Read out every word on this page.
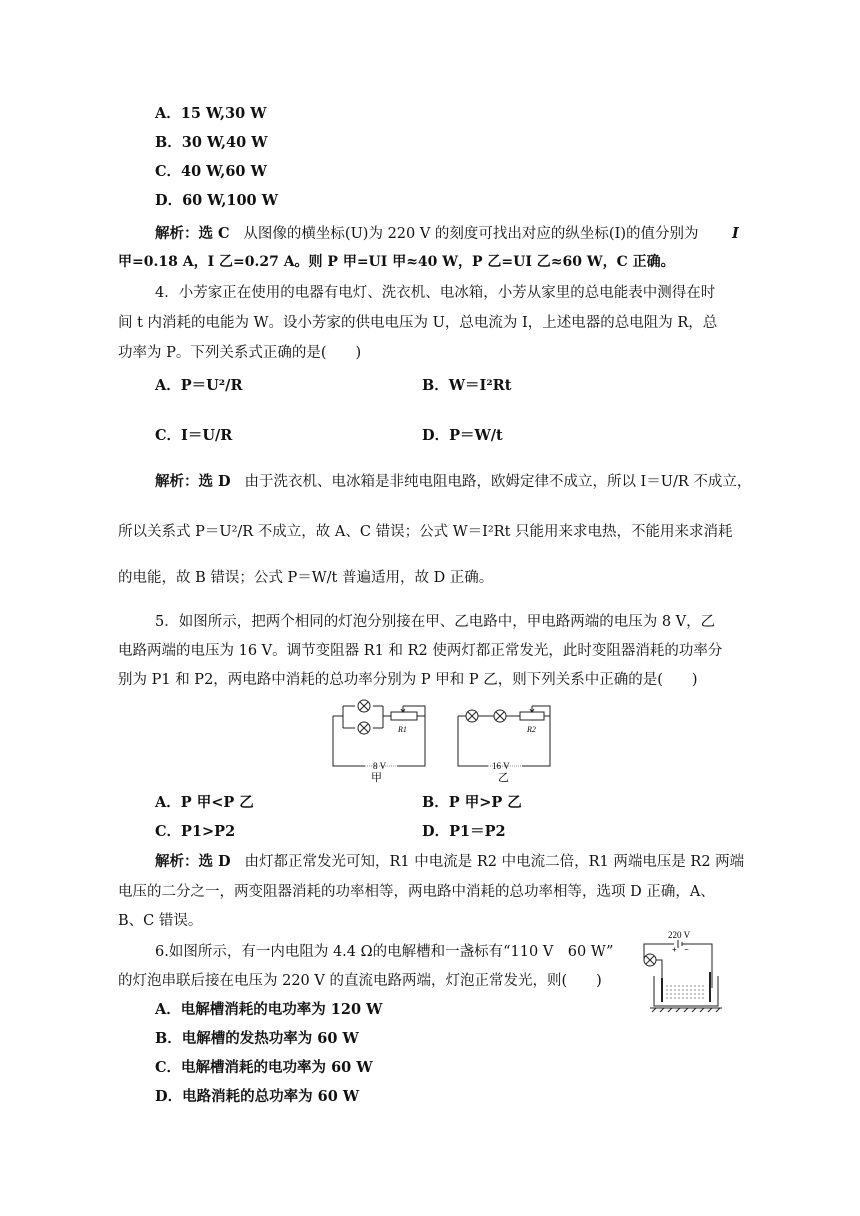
A．15 W,30 W
B．30 W,40 W
C．40 W,60 W
D．60 W,100 W
解析：选 C 从图像的横坐标(U)为 220 V 的刻度可找出对应的纵坐标(I)的值分别为 I
甲=0.18 A，I 乙=0.27 A。则 P 甲=UI 甲≈40 W，P 乙=UI 乙≈60 W，C 正确。
4．小芳家正在使用的电器有电灯、洗衣机、电冰箱，小芳从家里的总电能表中测得在时
间 t 内消耗的电能为 W。设小芳家的供电电压为 U，总电流为 I，上述电器的总电阻为 R，总
功率为 P。下列关系式正确的是(　　)
A．P＝U²/R	B．W＝I²Rt
C．I＝U/R	D．P＝W/t
解析：选 D 由于洗衣机、电冰箱是非纯电阻电路，欧姆定律不成立，所以 I＝U/R 不成立，
所以关系式 P＝U²/R 不成立，故 A、C 错误；公式 W＝I²Rt 只能用来求电热，不能用来求消耗
的电能，故 B 错误；公式 P＝W/t 普遍适用，故 D 正确。
5．如图所示，把两个相同的灯泡分别接在甲、乙电路中，甲电路两端的电压为 8 V，乙
电路两端的电压为 16 V。调节变阻器 R1 和 R2 使两灯都正常发光，此时变阻器消耗的功率分
别为 P1 和 P2，两电路中消耗的总功率分别为 P 甲和 P 乙，则下列关系中正确的是(　　)
R1
8 V
甲
R2
16 V
乙
A．P 甲<P 乙	B．P 甲>P 乙
C．P1>P2	D．P1＝P2
解析：选 D 由灯都正常发光可知，R1 中电流是 R2 中电流二倍，R1 两端电压是 R2 两端
电压的二分之一，两变阻器消耗的功率相等，两电路中消耗的总功率相等，选项 D 正确，A、
B、C 错误。
6.如图所示，有一内电阻为 4.4 Ω的电解槽和一盏标有“110 V　60 W”
的灯泡串联后接在电压为 220 V 的直流电路两端，灯泡正常发光，则(　　)
220 V
+ −
A．电解槽消耗的电功率为 120 W
B．电解槽的发热功率为 60 W
C．电解槽消耗的电功率为 60 W
D．电路消耗的总功率为 60 W
